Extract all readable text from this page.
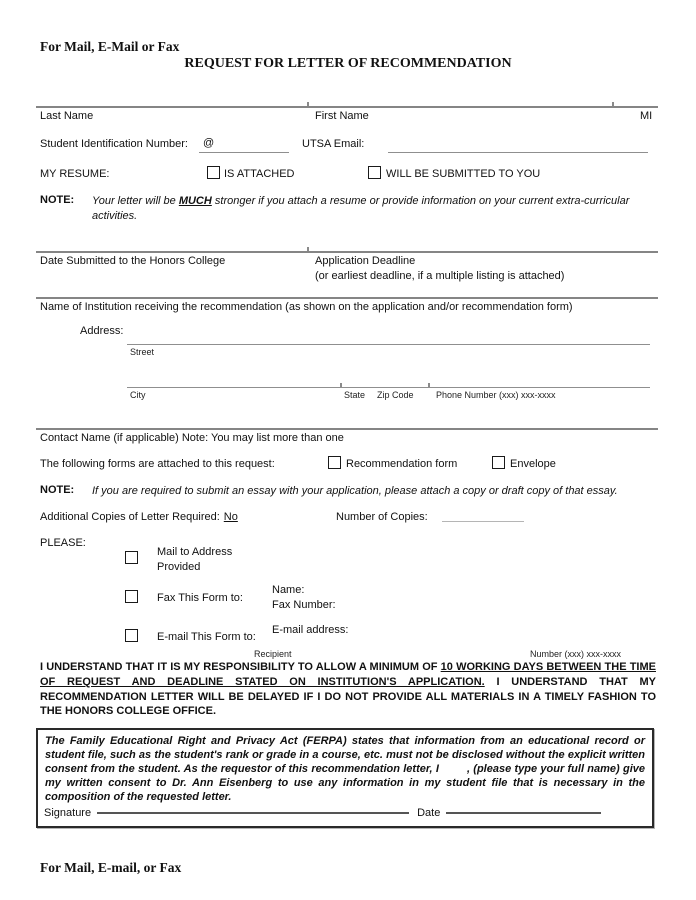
For Mail, E-Mail or Fax
REQUEST FOR LETTER OF RECOMMENDATION
Last Name	First Name	MI
Student Identification Number: @	UTSA Email:
MY RESUME:	IS ATTACHED	WILL BE SUBMITTED TO YOU
NOTE: Your letter will be MUCH stronger if you attach a resume or provide information on your current extra-curricular activities.
Date Submitted to the Honors College	Application Deadline
(or earliest deadline, if a multiple listing is attached)
Name of Institution receiving the recommendation (as shown on the application and/or recommendation form)
Address:
Street
City	State Zip Code Phone Number (xxx) xxx-xxxx
Contact Name (if applicable) Note: You may list more than one
The following forms are attached to this request:	Recommendation form	Envelope
NOTE: If you are required to submit an essay with your application, please attach a copy or draft copy of that essay.
Additional Copies of Letter Required: No	Number of Copies:
PLEASE:
Mail to Address Provided
Fax This Form to:
Name:
Fax Number:
E-mail This Form to:
E-mail address:
Recipient	Number (xxx) xxx-xxxx
I UNDERSTAND THAT IT IS MY RESPONSIBILITY TO ALLOW A MINIMUM OF 10 WORKING DAYS BETWEEN THE TIME OF REQUEST AND DEADLINE STATED ON INSTITUTION'S APPLICATION. I UNDERSTAND THAT MY RECOMMENDATION LETTER WILL BE DELAYED IF I DO NOT PROVIDE ALL MATERIALS IN A TIMELY FASHION TO THE HONORS COLLEGE OFFICE.
The Family Educational Right and Privacy Act (FERPA) states that information from an educational record or student file, such as the student's rank or grade in a course, etc. must not be disclosed without the explicit written consent from the student. As the requestor of this recommendation letter, I	, (please type your full name) give my written consent to Dr. Ann Eisenberg to use any information in my student file that is necessary in the composition of the requested letter.
Signature	Date
For Mail, E-mail, or Fax
